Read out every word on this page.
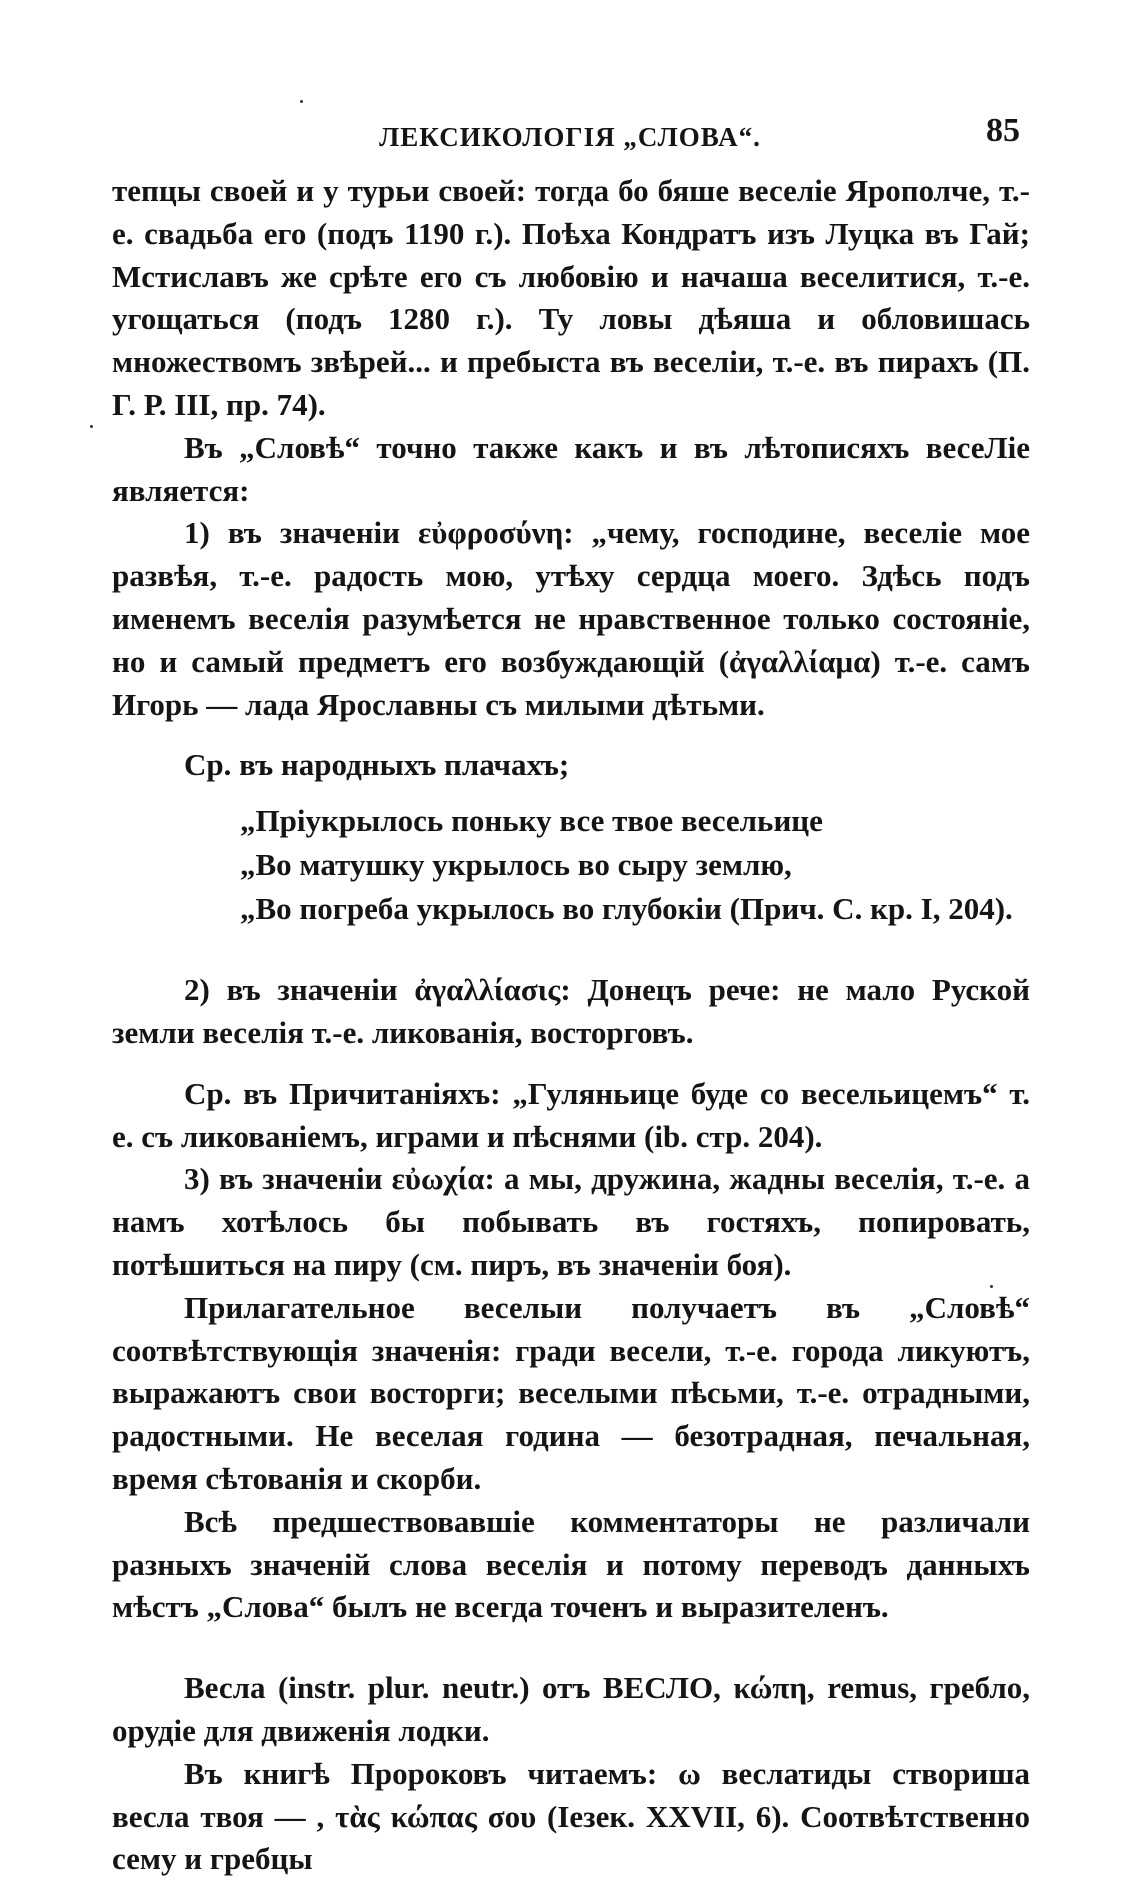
ЛЕКСИКОЛОГІЯ „СЛОВА“.	85

тепцы своей и у турьи своей: тогда бо бяше веселіе Ярополче, т.-е. свадьба его (подъ 1190 г.). Поѣха Кондратъ изъ Луцка въ Гай; Мстиславъ же срѣте его съ любовію и начаша веселитися, т.-е. угощаться (подъ 1280 г.). Ту ловы дѣяша и обловишась множествомъ звѣрей... и пребыста въ веселіи, т.-е. въ пирахъ (П. Г. Р. III, пр. 74).

Въ „Словѣ“ точно также какъ и въ лѣтописяхъ весеЛіе является:

1) въ значеніи εὐφροσύνη: „чему, господине, веселіе мое развѣя, т.-е. радость мою, утѣху сердца моего. Здѣсь подъ именемъ веселія разумѣется не нравственное только состояніе, но и самый предметъ его возбуждающій (ἀγαλλίαμα) т.-е. самъ Игорь — лада Ярославны съ милыми дѣтьми.

Ср. въ народныхъ плачахъ;

„Пріукрылось поньку все твое весельице
„Во матушку укрылось во сыру землю,
„Во погреба укрылось во глубокіи (Прич. С. кр. I, 204).

2) въ значеніи ἀγαλλίασις: Донецъ рече: не мало Руской земли веселія т.-е. ликованія, восторговъ.

Ср. въ Причитаніяхъ: „Гуляньице буде со весельицемъ“ т. е. съ ликованіемъ, играми и пѣснями (ib. стр. 204).

3) въ значеніи εὐωχία: а мы, дружина, жадны веселія, т.-е. а намъ хотѣлось бы побывать въ гостяхъ, попировать, потѣшиться на пиру (см. пиръ, въ значеніи боя).

Прилагательное веселыи получаетъ въ „Словѣ“ соотвѣтствующія значенія: гради весели, т.-е. города ликуютъ, выражаютъ свои восторги; веселыми пѣсьми, т.-е. отрадными, радостными. Не веселая година — безотрадная, печальная, время сѣтованія и скорби.

Всѣ предшествовавшіе комментаторы не различали разныхъ значеній слова веселія и потому переводъ данныхъ мѣстъ „Слова“ былъ не всегда точенъ и выразителенъ.

Весла (instr. plur. neutr.) отъ ВЕСЛО, κώπη, remus, гребло, орудіе для движенія лодки.

Въ книгѣ Пророковъ читаемъ: ω веслатиды створиша весла твоя — , τὰς κώπας σου (Іезек. XXVII, 6). Соотвѣтственно сему и гребцы
